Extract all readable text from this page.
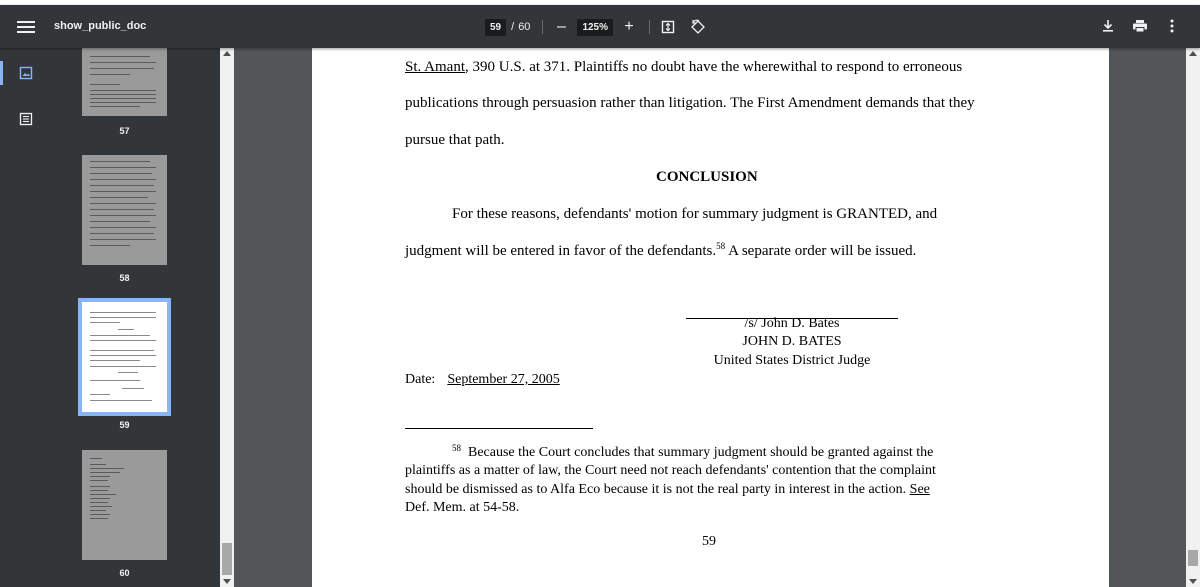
show_public_doc	59 / 60 –	125%	+
57
58
59
60
St. Amant, 390 U.S. at 371. Plaintiffs no doubt have the wherewithal to respond to erroneous
publications through persuasion rather than litigation. The First Amendment demands that they
pursue that path.
CONCLUSION
For these reasons, defendants' motion for summary judgment is GRANTED, and
judgment will be entered in favor of the defendants.$^{58}$ A separate order will be issued.
/s/ John D. Bates
JOHN D. BATES
United States District Judge
Date: September 27, 2005
$^{58}$ Because the Court concludes that summary judgment should be granted against the
plaintiffs as a matter of law, the Court need not reach defendants' contention that the complaint
should be dismissed as to Alfa Eco because it is not the real party in interest in the action. See
Def. Mem. at 54-58.
59
